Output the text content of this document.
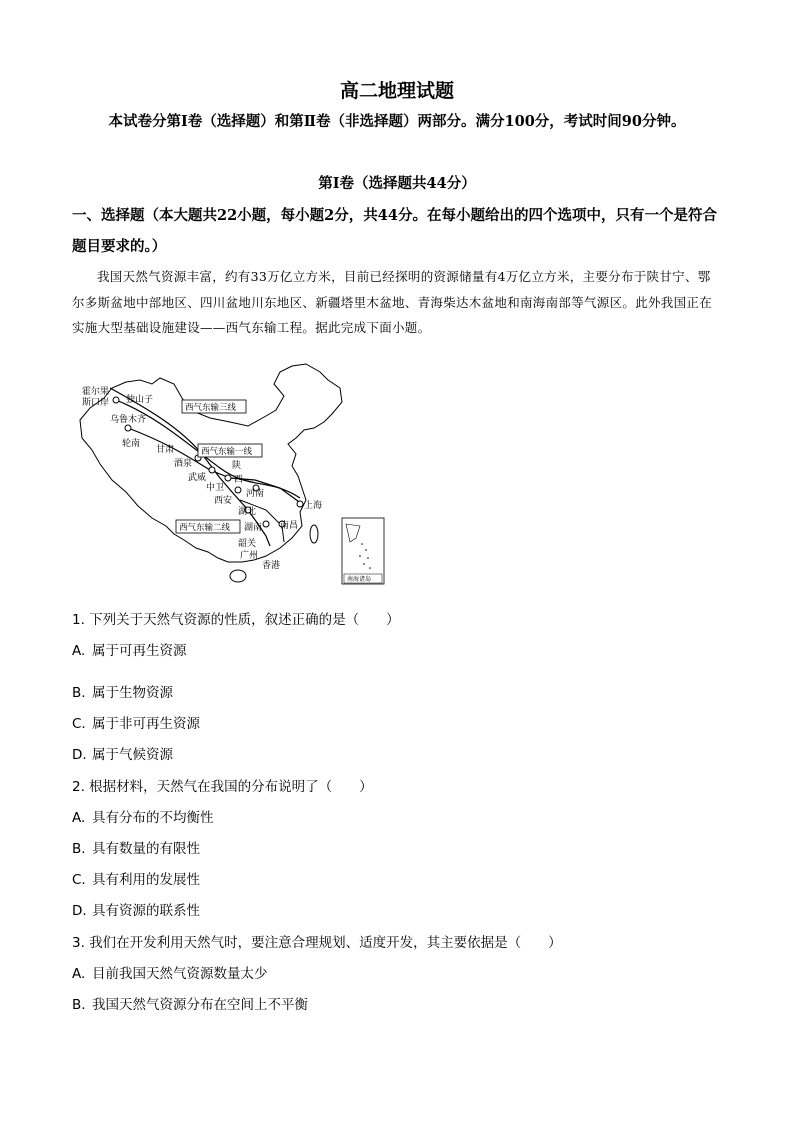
高二地理试题
本试卷分第Ⅰ卷（选择题）和第Ⅱ卷（非选择题）两部分。满分100分，考试时间90分钟。
第Ⅰ卷（选择题共44分）
一、选择题（本大题共22小题，每小题2分，共44分。在每小题给出的四个选项中，只有一个是符合题目要求的。）
我国天然气资源丰富，约有33万亿立方米，目前已经探明的资源储量有4万亿立方米，主要分布于陕甘宁、鄂尔多斯盆地中部地区、四川盆地川东地区、新疆塔里木盆地、青海柴达木盆地和南海南部等气源区。此外我国正在实施大型基础设施建设——西气东输工程。据此完成下面小题。
霍尔果
斯口岸 独山子
乌鲁木齐
轮南
甘肃
酒泉
武威
中卫
陕
西
西安
河南
湖北
湖南 南昌
韶关
广州
香港
上海
西气东输三线
西气东输一线
西气东输二线
南海诸岛
1. 下列关于天然气资源的性质，叙述正确的是（　　）
A. 属于可再生资源
B. 属于生物资源
C. 属于非可再生资源
D. 属于气候资源
2. 根据材料，天然气在我国的分布说明了（　　）
A. 具有分布的不均衡性
B. 具有数量的有限性
C. 具有利用的发展性
D. 具有资源的联系性
3. 我们在开发利用天然气时，要注意合理规划、适度开发，其主要依据是（　　）
A. 目前我国天然气资源数量太少
B. 我国天然气资源分布在空间上不平衡
